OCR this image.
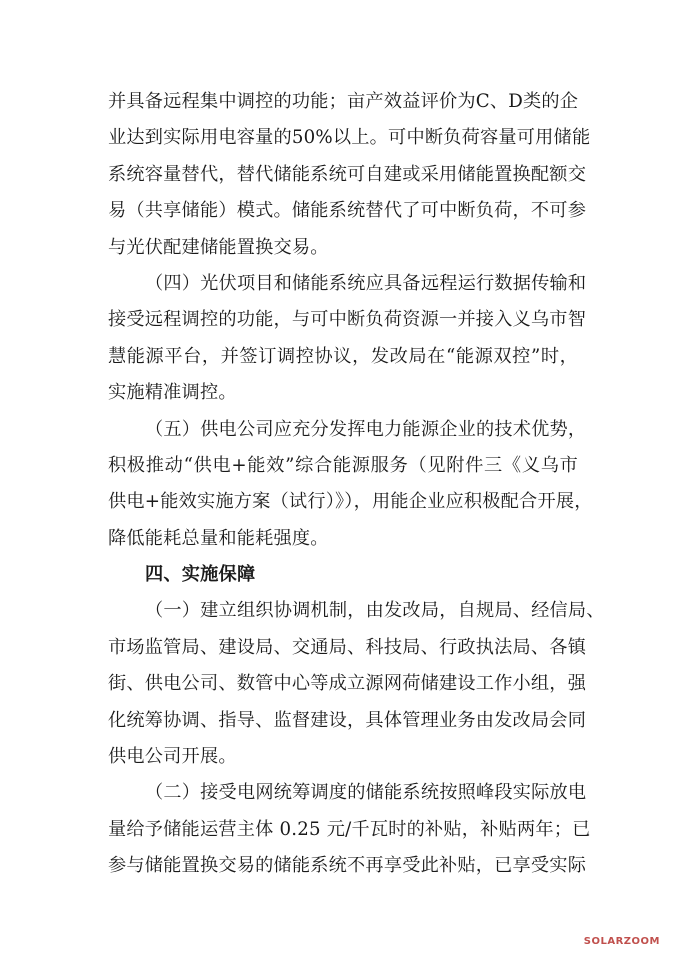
并具备远程集中调控的功能；亩产效益评价为C、D类的企
业达到实际用电容量的50%以上。可中断负荷容量可用储能
系统容量替代，替代储能系统可自建或采用储能置换配额交
易（共享储能）模式。储能系统替代了可中断负荷，不可参
与光伏配建储能置换交易。
（四）光伏项目和储能系统应具备远程运行数据传输和
接受远程调控的功能，与可中断负荷资源一并接入义乌市智
慧能源平台，并签订调控协议，发改局在“能源双控”时，
实施精准调控。
（五）供电公司应充分发挥电力能源企业的技术优势，
积极推动“供电+能效”综合能源服务（见附件三《义乌市
供电+能效实施方案（试行）》），用能企业应积极配合开展，
降低能耗总量和能耗强度。
四、实施保障
（一）建立组织协调机制，由发改局，自规局、经信局、
市场监管局、建设局、交通局、科技局、行政执法局、各镇
街、供电公司、数管中心等成立源网荷储建设工作小组，强
化统筹协调、指导、监督建设，具体管理业务由发改局会同
供电公司开展。
（二）接受电网统筹调度的储能系统按照峰段实际放电
量给予储能运营主体 0.25 元/千瓦时的补贴，补贴两年；已
参与储能置换交易的储能系统不再享受此补贴，已享受实际
SOLARZOOM
